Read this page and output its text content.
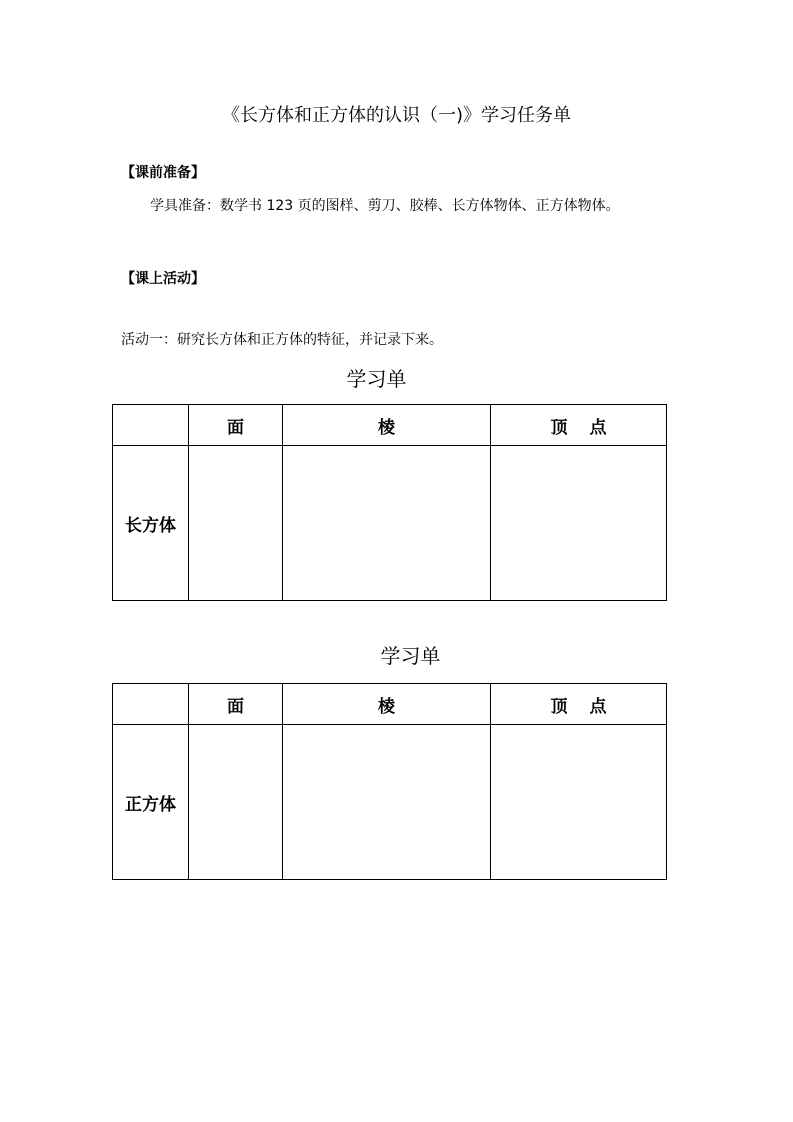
《长方体和正方体的认识（一)》学习任务单
【课前准备】
学具准备：数学书 123 页的图样、剪刀、胶棒、长方体物体、正方体物体。
【课上活动】
活动一：研究长方体和正方体的特征，并记录下来。
学习单
	面	棱	顶点
长方体			
学习单
	面	棱	顶点
正方体			
